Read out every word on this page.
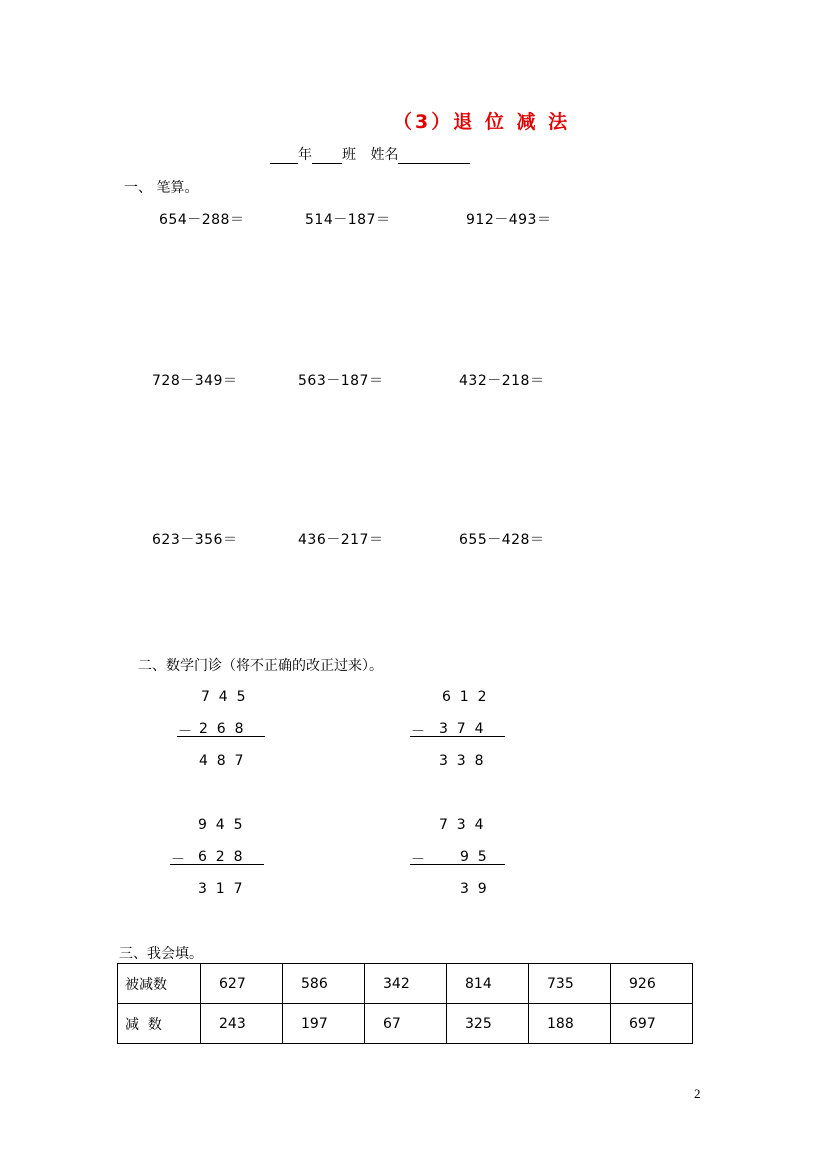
（3）退 位 减 法
年 班 姓名
一、 笔算。
654－288＝	514－187＝	912－493＝
728－349＝	563－187＝	432－218＝
623－356＝	436－217＝	655－428＝
二、数学门诊（将不正确的改正过来）。
7  4  5
－ 2  6  8
4  8  7
6  1  2
－ 3  7  4
3  3  8
9  4  5
－ 6  2  8
3  1  7
7  3  4
－	9  5
3  9
三、我会填。
被减数	627	586	342	814	735	926
减  数	243	197	67	325	188	697
2
